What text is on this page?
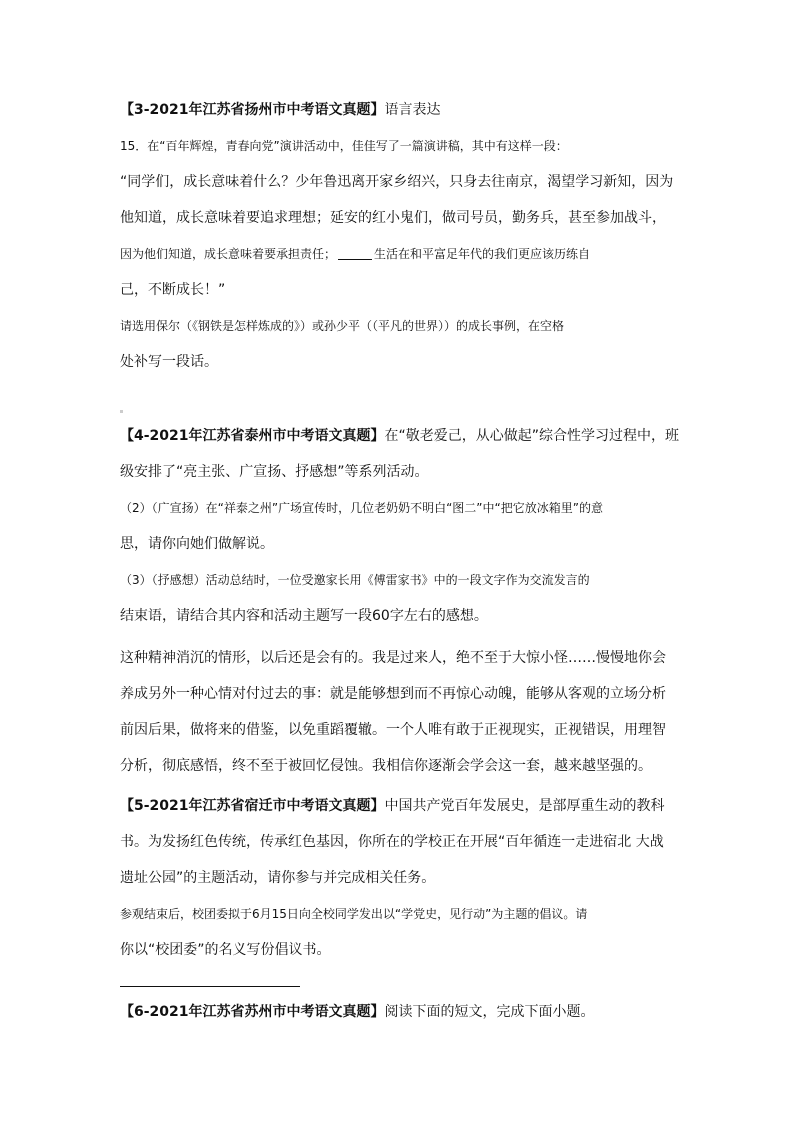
【3-2021年江苏省扬州市中考语文真题】语言表达
15．在“百年辉煌，青春向党”演讲活动中，佳佳写了一篇演讲稿，其中有这样一段：
“同学们，成长意味着什么？少年鲁迅离开家乡绍兴，只身去往南京，渴望学习新知，因为
他知道，成长意味着要追求理想；延安的红小鬼们，做司号员，勤务兵，甚至参加战斗，
因为他们知道，成长意味着要承担责任；	生活在和平富足年代的我们更应该历练自
己，不断成长！”
请选用保尔（《钢铁是怎样炼成的》）或孙少平（（平凡的世界））的成长事例，在空格
处补写一段话。
【4-2021年江苏省泰州市中考语文真题】在“敬老爱己，从心做起”综合性学习过程中，班
级安排了“亮主张、广宣扬、抒感想”等系列活动。
（2）（广宣扬）在“祥泰之州”广场宣传时，几位老奶奶不明白“图二”中“把它放冰箱里”的意
思，请你向她们做解说。
（3）（抒感想）活动总结时，一位受邀家长用《傅雷家书》中的一段文字作为交流发言的
结束语，请结合其内容和活动主题写一段60字左右的感想。
这种精神消沉的情形，以后还是会有的。我是过来人，绝不至于大惊小怪……慢慢地你会
养成另外一种心情对付过去的事：就是能够想到而不再惊心动魄，能够从客观的立场分析
前因后果，做将来的借鉴，以免重蹈覆辙。一个人唯有敢于正视现实，正视错误，用理智
分析，彻底感悟，终不至于被回忆侵蚀。我相信你逐渐会学会这一套，越来越坚强的。
【5-2021年江苏省宿迁市中考语文真题】中国共产党百年发展史，是部厚重生动的教科
书。为发扬红色传统，传承红色基因，你所在的学校正在开展“百年循连一走进宿北 大战
遗址公园”的主题活动，请你参与并完成相关任务。
参观结束后，校团委拟于6月15日向全校同学发出以“学党史，见行动”为主题的倡议。请
你以“校团委”的名义写份倡议书。
【6-2021年江苏省苏州市中考语文真题】阅读下面的短文，完成下面小题。
